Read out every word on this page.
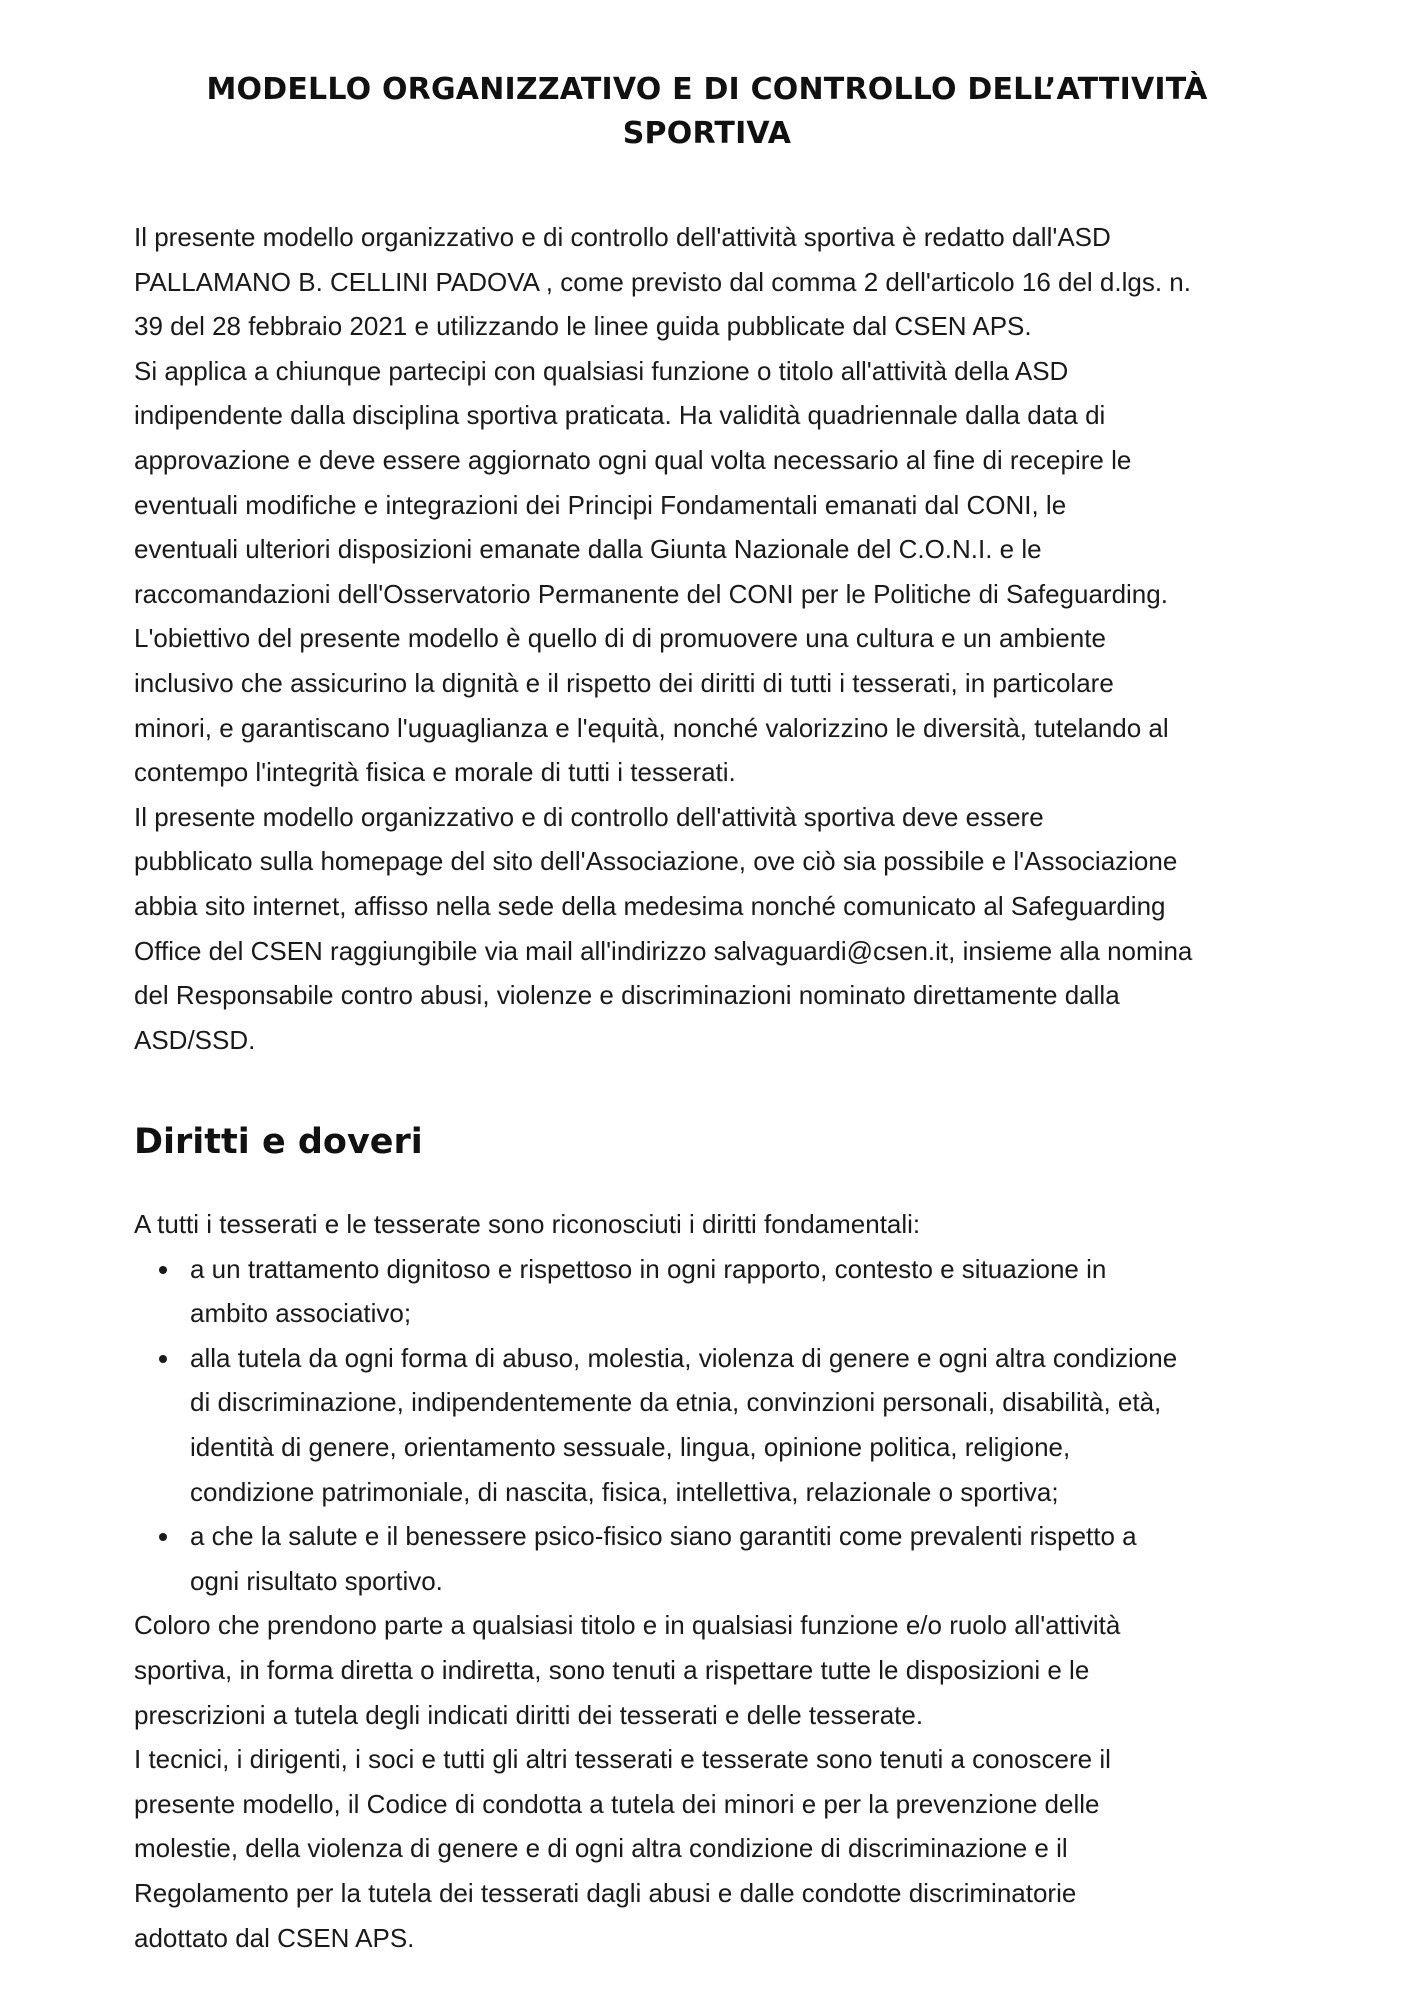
MODELLO ORGANIZZATIVO E DI CONTROLLO DELL’ATTIVITÀ
SPORTIVA
Il presente modello organizzativo e di controllo dell'attività sportiva è redatto dall'ASD
PALLAMANO B. CELLINI PADOVA , come previsto dal comma 2 dell'articolo 16 del d.lgs. n.
39 del 28 febbraio 2021 e utilizzando le linee guida pubblicate dal CSEN APS.
Si applica a chiunque partecipi con qualsiasi funzione o titolo all'attività della ASD
indipendente dalla disciplina sportiva praticata. Ha validità quadriennale dalla data di
approvazione e deve essere aggiornato ogni qual volta necessario al fine di recepire le
eventuali modifiche e integrazioni dei Principi Fondamentali emanati dal CONI, le
eventuali ulteriori disposizioni emanate dalla Giunta Nazionale del C.O.N.I. e le
raccomandazioni dell'Osservatorio Permanente del CONI per le Politiche di Safeguarding.
L'obiettivo del presente modello è quello di di promuovere una cultura e un ambiente
inclusivo che assicurino la dignità e il rispetto dei diritti di tutti i tesserati, in particolare
minori, e garantiscano l'uguaglianza e l'equità, nonché valorizzino le diversità, tutelando al
contempo l'integrità fisica e morale di tutti i tesserati.
Il presente modello organizzativo e di controllo dell'attività sportiva deve essere
pubblicato sulla homepage del sito dell'Associazione, ove ciò sia possibile e l'Associazione
abbia sito internet, affisso nella sede della medesima nonché comunicato al Safeguarding
Office del CSEN raggiungibile via mail all'indirizzo salvaguardi@csen.it, insieme alla nomina
del Responsabile contro abusi, violenze e discriminazioni nominato direttamente dalla
ASD/SSD.
Diritti e doveri
A tutti i tesserati e le tesserate sono riconosciuti i diritti fondamentali:
a un trattamento dignitoso e rispettoso in ogni rapporto, contesto e situazione in
ambito associativo;
alla tutela da ogni forma di abuso, molestia, violenza di genere e ogni altra condizione
di discriminazione, indipendentemente da etnia, convinzioni personali, disabilità, età,
identità di genere, orientamento sessuale, lingua, opinione politica, religione,
condizione patrimoniale, di nascita, fisica, intellettiva, relazionale o sportiva;
a che la salute e il benessere psico-fisico siano garantiti come prevalenti rispetto a
ogni risultato sportivo.
Coloro che prendono parte a qualsiasi titolo e in qualsiasi funzione e/o ruolo all'attività
sportiva, in forma diretta o indiretta, sono tenuti a rispettare tutte le disposizioni e le
prescrizioni a tutela degli indicati diritti dei tesserati e delle tesserate.
I tecnici, i dirigenti, i soci e tutti gli altri tesserati e tesserate sono tenuti a conoscere il
presente modello, il Codice di condotta a tutela dei minori e per la prevenzione delle
molestie, della violenza di genere e di ogni altra condizione di discriminazione e il
Regolamento per la tutela dei tesserati dagli abusi e dalle condotte discriminatorie
adottato dal CSEN APS.
